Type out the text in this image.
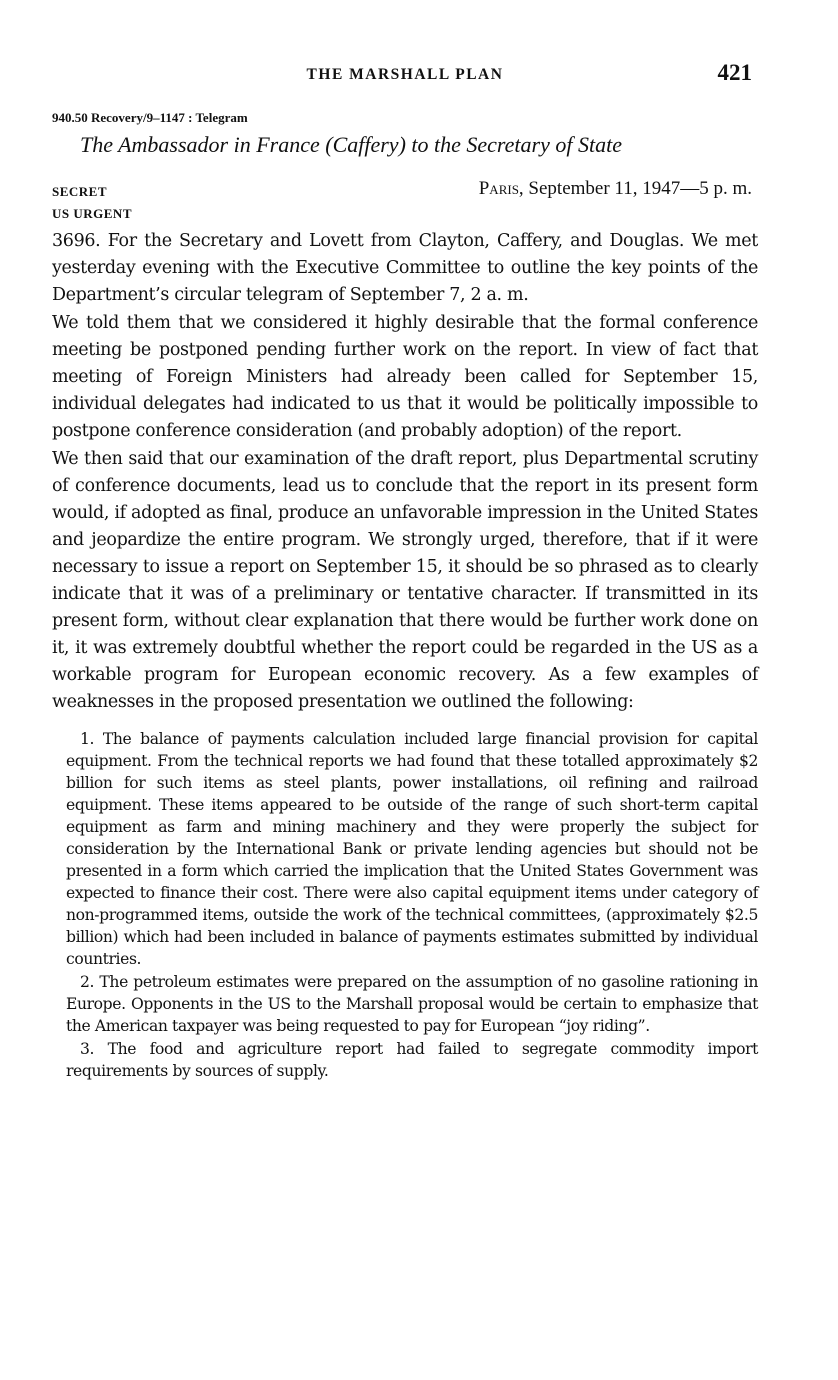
THE MARSHALL PLAN	421
940.50 Recovery/9–1147 : Telegram
The Ambassador in France (Caffery) to the Secretary of State
SECRET	Paris, September 11, 1947—5 p. m.
US URGENT

3696. For the Secretary and Lovett from Clayton, Caffery, and Douglas. We met yesterday evening with the Executive Committee to outline the key points of the Department’s circular telegram of September 7, 2 a. m.

We told them that we considered it highly desirable that the formal conference meeting be postponed pending further work on the report. In view of fact that meeting of Foreign Ministers had already been called for September 15, individual delegates had indicated to us that it would be politically impossible to postpone conference consideration (and probably adoption) of the report.

We then said that our examination of the draft report, plus Departmental scrutiny of conference documents, lead us to conclude that the report in its present form would, if adopted as final, produce an unfavorable impression in the United States and jeopardize the entire program. We strongly urged, therefore, that if it were necessary to issue a report on September 15, it should be so phrased as to clearly indicate that it was of a preliminary or tentative character. If transmitted in its present form, without clear explanation that there would be further work done on it, it was extremely doubtful whether the report could be regarded in the US as a workable program for European economic recovery. As a few examples of weaknesses in the proposed presentation we outlined the following:

1. The balance of payments calculation included large financial provision for capital equipment. From the technical reports we had found that these totalled approximately $2 billion for such items as steel plants, power installations, oil refining and railroad equipment. These items appeared to be outside of the range of such short-term capital equipment as farm and mining machinery and they were properly the subject for consideration by the International Bank or private lending agencies but should not be presented in a form which carried the implication that the United States Government was expected to finance their cost. There were also capital equipment items under category of non-programmed items, outside the work of the technical committees, (approximately $2.5 billion) which had been included in balance of payments estimates submitted by individual countries.

2. The petroleum estimates were prepared on the assumption of no gasoline rationing in Europe. Opponents in the US to the Marshall proposal would be certain to emphasize that the American taxpayer was being requested to pay for European “joy riding”.

3. The food and agriculture report had failed to segregate commodity import requirements by sources of supply.
